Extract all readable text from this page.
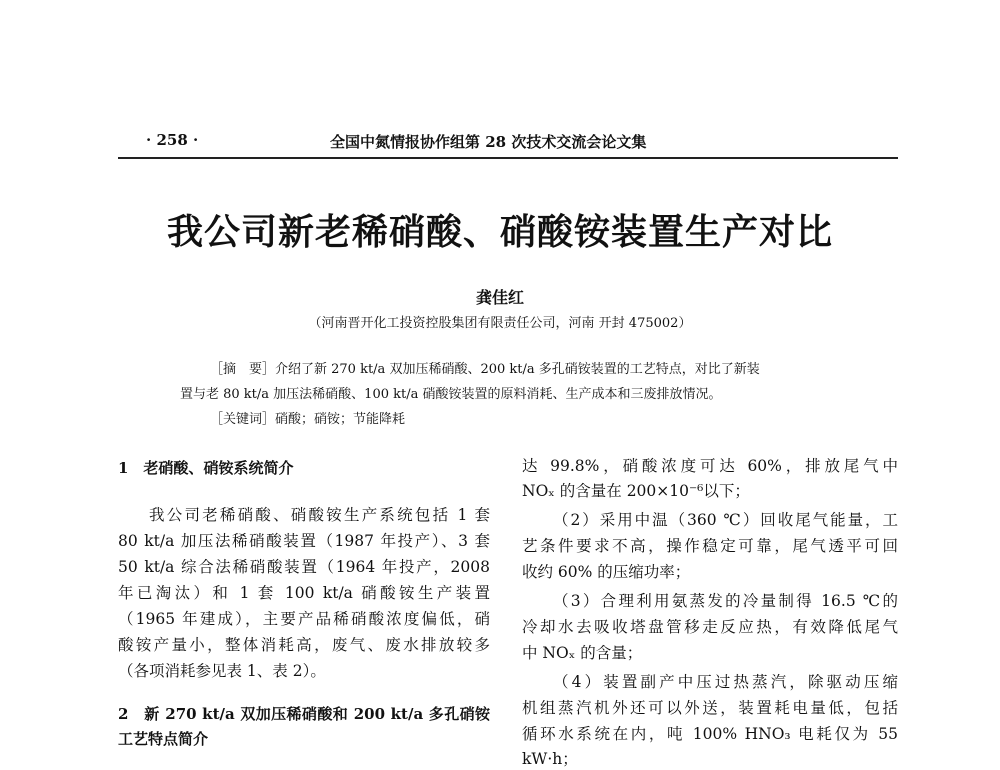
· 258 ·	全国中氮情报协作组第 28 次技术交流会论文集
我公司新老稀硝酸、硝酸铵装置生产对比
龚佳红
（河南晋开化工投资控股集团有限责任公司，河南 开封 475002）
［摘　要］介绍了新 270 kt/a 双加压稀硝酸、200 kt/a 多孔硝铵装置的工艺特点，对比了新装
置与老 80 kt/a 加压法稀硝酸、100 kt/a 硝酸铵装置的原料消耗、生产成本和三废排放情况。
［关键词］硝酸；硝铵；节能降耗
1　老硝酸、硝铵系统简介
我公司老稀硝酸、硝酸铵生产系统包括 1 套
80 kt/a 加压法稀硝酸装置（1987 年投产）、3 套
50 kt/a 综合法稀硝酸装置（1964 年投产，2008
年已淘汰）和 1 套 100 kt/a 硝酸铵生产装置
（1965 年建成），主要产品稀硝酸浓度偏低，硝
酸铵产量小，整体消耗高，废气、废水排放较多
（各项消耗参见表 1、表 2）。
2　新 270 kt/a 双加压稀硝酸和 200 kt/a 多孔硝铵
工艺特点简介
达 99.8%，硝酸浓度可达 60%，排放尾气中
NOₓ 的含量在 200×10⁻⁶以下；
（2）采用中温（360 ℃）回收尾气能量，工
艺条件要求不高，操作稳定可靠，尾气透平可回
收约 60% 的压缩功率；
（3）合理利用氨蒸发的冷量制得 16.5 ℃的
冷却水去吸收塔盘管移走反应热，有效降低尾气
中 NOₓ 的含量；
（4）装置副产中压过热蒸汽，除驱动压缩
机组蒸汽机外还可以外送，装置耗电量低，包括
循环水系统在内，吨 100% HNO₃ 电耗仅为 55
kW·h；
